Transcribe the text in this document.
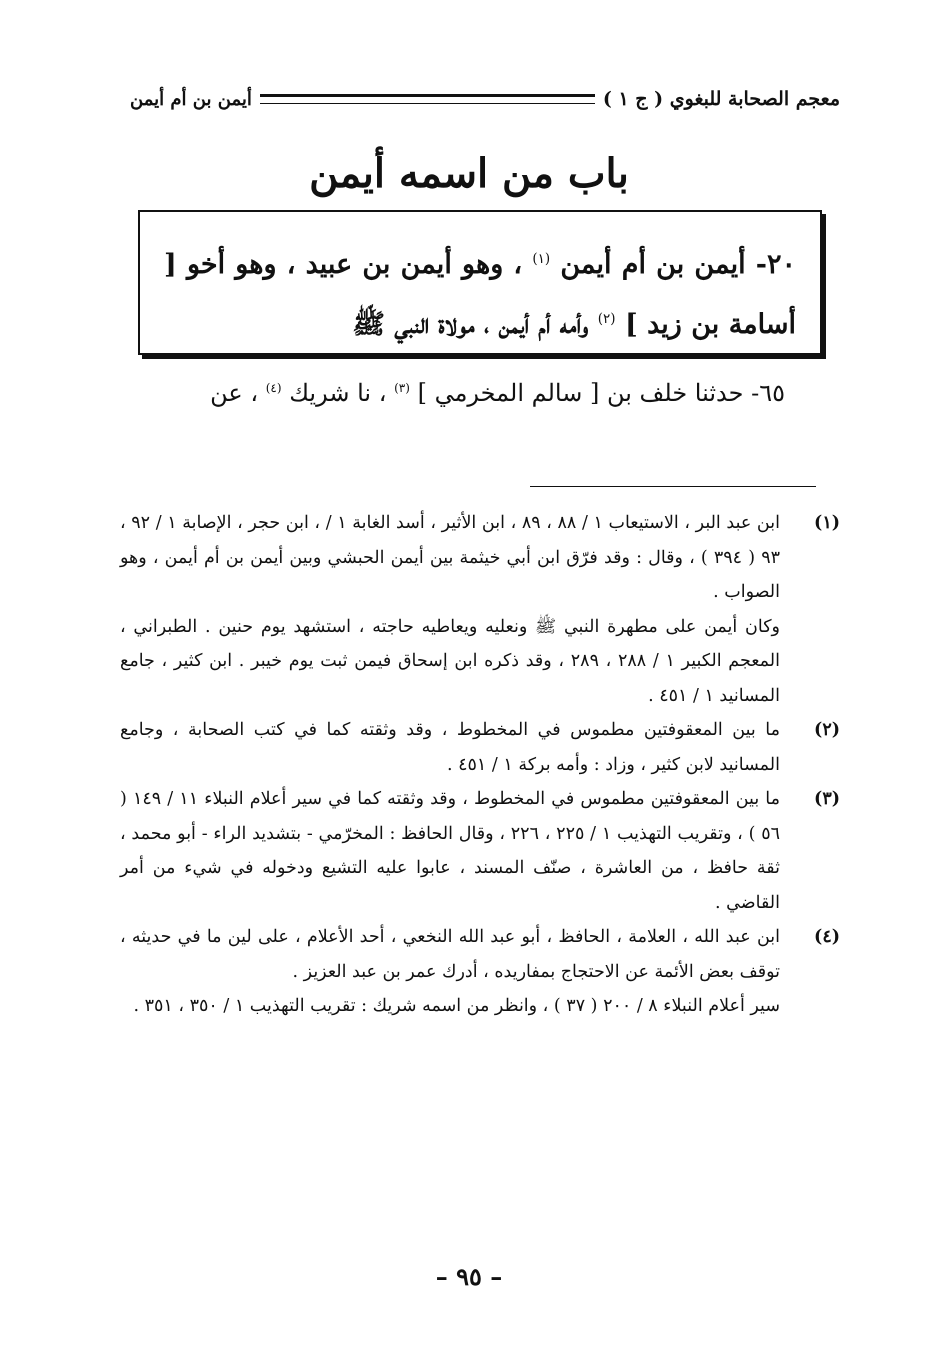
معجم الصحابة للبغوي ( ج ١ )
أيمن بن أم أيمن
باب من اسمه أيمن
٢٠- أيمن بن أم أيمن $^{(١)}$ ، وهو أيمن بن عبيد ، وهو أخو [ أسامة بن زيد ] $^{(٢)}$ وأمه أم أيمن ، مولاة النبي ﷺ
٦٥- حدثنا خلف بن [ سالم المخرمي ] $^{(٣)}$ ، نا شريك $^{(٤)}$ ، عن
(١)

ابن عبد البر ، الاستيعاب ١ / ٨٨ ، ٨٩ ، ابن الأثير ، أسد الغابة ١ / ، ابن حجر ، الإصابة ١ / ٩٢ ، ٩٣ ( ٣٩٤ ) ، وقال : وقد فرّق ابن أبي خيثمة بين أيمن الحبشي وبين أيمن بن أم أيمن ، وهو الصواب .

وكان أيمن على مطهرة النبي ﷺ ونعليه ويعاطيه حاجته ، استشهد يوم حنين . الطبراني ، المعجم الكبير ١ / ٢٨٨ ، ٢٨٩ ، وقد ذكره ابن إسحاق فيمن ثبت يوم خيبر . ابن كثير ، جامع المسانيد ١ / ٤٥١ .

(٢)

ما بين المعقوفتين مطموس في المخطوط ، وقد وثقته كما في كتب الصحابة ، وجامع المسانيد لابن كثير ، وزاد : وأمه بركة ١ / ٤٥١ .

(٣)

ما بين المعقوفتين مطموس في المخطوط ، وقد وثقته كما في سير أعلام النبلاء ١١ / ١٤٩ ( ٥٦ ) ، وتقريب التهذيب ١ / ٢٢٥ ، ٢٢٦ ، وقال الحافظ : المخرّمي - بتشديد الراء - أبو محمد ، ثقة حافظ ، من العاشرة ، صنّف المسند ، عابوا عليه التشيع ودخوله في شيء من أمر القاضي .

(٤)

ابن عبد الله ، العلامة ، الحافظ ، أبو عبد الله النخعي ، أحد الأعلام ، على لين ما في حديثه ، توقف بعض الأئمة عن الاحتجاج بمفاريده ، أدرك عمر بن عبد العزيز .

سير أعلام النبلاء ٨ / ٢٠٠ ( ٣٧ ) ، وانظر من اسمه شريك : تقريب التهذيب ١ / ٣٥٠ ، ٣٥١ .

– ٩٥ –
